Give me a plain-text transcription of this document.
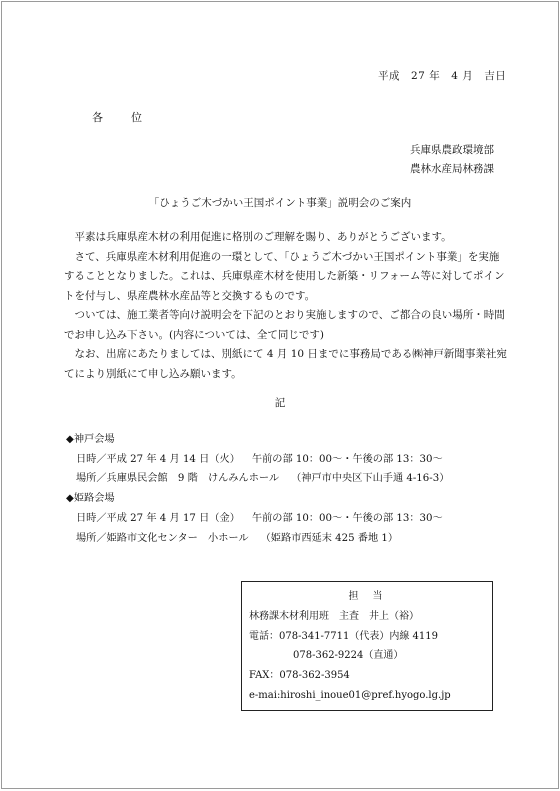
平成　27 年　4 月　吉日
各位
兵庫県農政環境部
農林水産局林務課
「ひょうご木づかい王国ポイント事業」説明会のご案内

平素は兵庫県産木材の利用促進に格別のご理解を賜り、ありがとうございます。

さて、兵庫県産木材利用促進の一環として、「ひょうご木づかい王国ポイント事業」を実施することとなりました。これは、兵庫県産木材を使用した新築・リフォーム等に対してポイントを付与し、県産農林水産品等と交換するものです。

ついては、施工業者等向け説明会を下記のとおり実施しますので、ご都合の良い場所・時間でお申し込み下さい。(内容については、全て同じです)

なお、出席にあたりましては、別紙にて 4 月 10 日までに事務局である㈱神戸新聞事業社宛てにより別紙にて申し込み願います。

記
◆神戸会場
日時／平成 27 年 4 月 14 日（火） 午前の部 10：00～・午後の部 13：30～
場所／兵庫県民会館　9 階　けんみんホール （神戸市中央区下山手通 4-16-3）
◆姫路会場
日時／平成 27 年 4 月 17 日（金） 午前の部 10：00～・午後の部 13：30～
場所／姫路市文化センター　小ホール （姫路市西延末 425 番地 1）
担当
林務課木材利用班　主査　井上（裕）
電話：078-341-7711（代表）内線 4119
078-362-9224（直通）
FAX：078-362-3954
e-mai:hiroshi_inoue01@pref.hyogo.lg.jp
